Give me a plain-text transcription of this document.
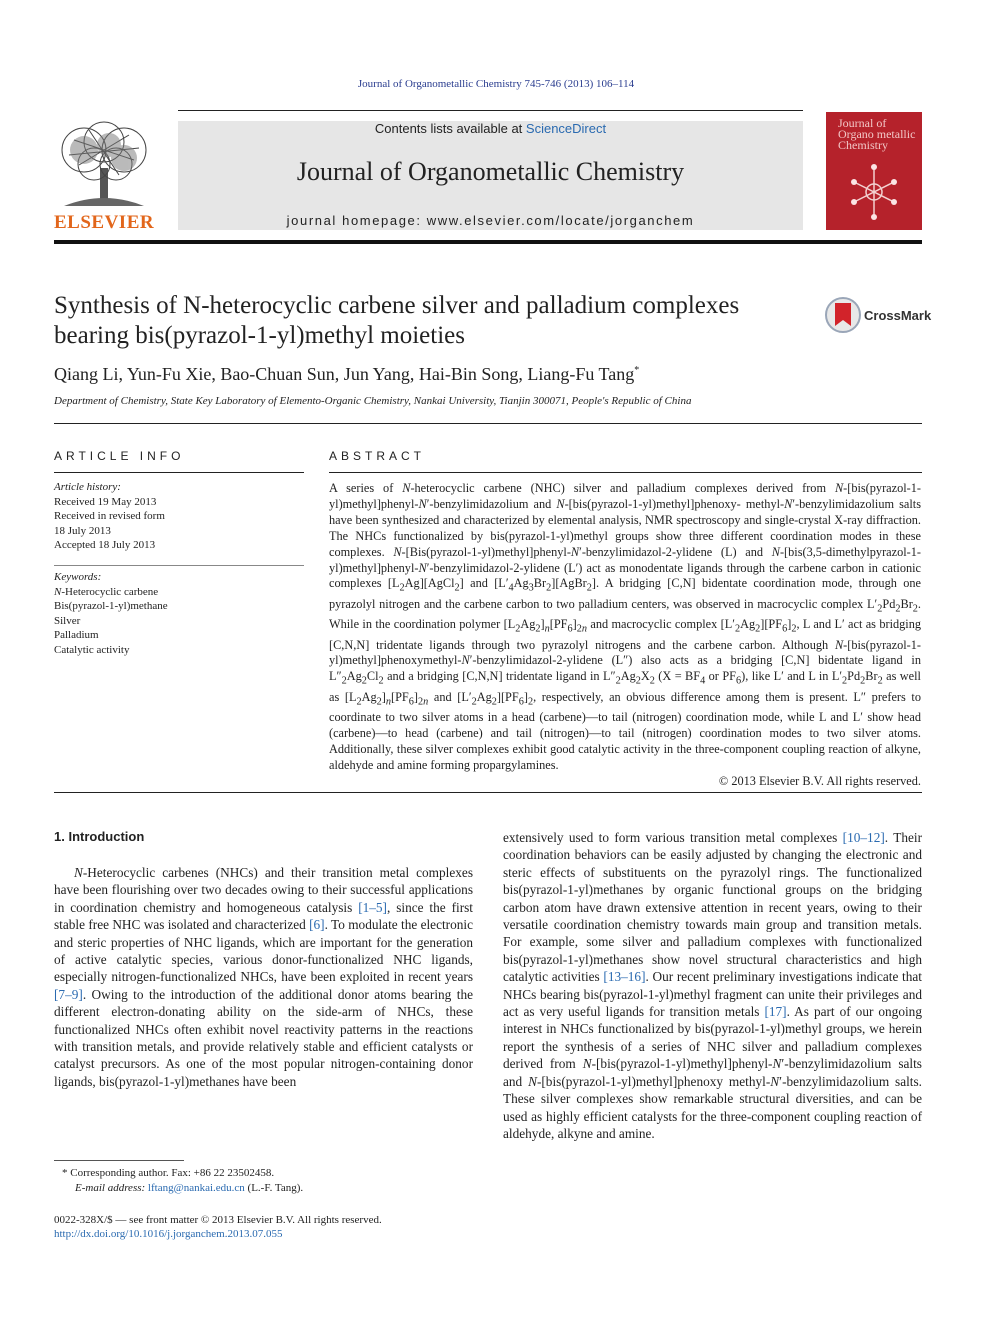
Journal of Organometallic Chemistry 745-746 (2013) 106–114
ELSEVIER
Contents lists available at ScienceDirect
Journal of Organometallic Chemistry
journal homepage: www.elsevier.com/locate/jorganchem
Journal of Organo metallic Chemistry
Synthesis of N-heterocyclic carbene silver and palladium complexes bearing bis(pyrazol-1-yl)methyl moieties
CrossMark
Qiang Li, Yun-Fu Xie, Bao-Chuan Sun, Jun Yang, Hai-Bin Song, Liang-Fu Tang*
Department of Chemistry, State Key Laboratory of Elemento-Organic Chemistry, Nankai University, Tianjin 300071, People's Republic of China
ARTICLE INFO
Article history:
Received 19 May 2013
Received in revised form
18 July 2013
Accepted 18 July 2013
Keywords:
N-Heterocyclic carbene
Bis(pyrazol-1-yl)methane
Silver
Palladium
Catalytic activity
ABSTRACT

A series of N-heterocyclic carbene (NHC) silver and palladium complexes derived from N-[bis(pyrazol-1-yl)methyl]phenyl-N′-benzylimidazolium and N-[bis(pyrazol-1-yl)methyl]phenoxy- methyl-N′-benzylimidazolium salts have been synthesized and characterized by elemental analysis, NMR spectroscopy and single-crystal X-ray diffraction. The NHCs functionalized by bis(pyrazol-1-yl)methyl groups show three different coordination modes in these complexes. N-[Bis(pyrazol-1-yl)methyl]phenyl-N′-benzylimidazol-2-ylidene (L) and N-[bis(3,5-dimethylpyrazol-1-yl)methyl]phenyl-N′-benzylimidazol-2-ylidene (L′) act as monodentate ligands through the carbene carbon in cationic complexes $[L_2Ag][AgCl_2]$ and $[L'_4Ag_3Br_2][AgBr_2]$. A bridging [C,N] bidentate coordination mode, through one pyrazolyl nitrogen and the carbene carbon to two palladium centers, was observed in macrocyclic complex $L'_2Pd_2Br_2$. While in the coordination polymer $[L_2Ag_2]_n[PF_6]_{2n}$ and macrocyclic complex $[L'_2Ag_2][PF_6]_2$, L and L′ act as bridging [C,N,N] tridentate ligands through two pyrazolyl nitrogens and the carbene carbon. Although N-[bis(pyrazol-1-yl)methyl]phenoxymethyl-N′-benzylimidazol-2-ylidene (L″) also acts as a bridging [C,N] bidentate ligand in $L''_2Ag_2Cl_2$ and a bridging [C,N,N] tridentate ligand in $L''_2Ag_2X_2$ ($X = BF_4$ or $PF_6$), like L′ and L in $L'_2Pd_2Br_2$ as well as $[L_2Ag_2]_n[PF_6]_{2n}$ and $[L'_2Ag_2][PF_6]_2$, respectively, an obvious difference among them is present. L″ prefers to coordinate to two silver atoms in a head (carbene)—to tail (nitrogen) coordination mode, while L and L′ show head (carbene)—to head (carbene) and tail (nitrogen)—to tail (nitrogen) coordination modes to two silver atoms. Additionally, these silver complexes exhibit good catalytic activity in the three-component coupling reaction of alkyne, aldehyde and amine forming propargylamines.

© 2013 Elsevier B.V. All rights reserved.

1. Introduction

N-Heterocyclic carbenes (NHCs) and their transition metal complexes have been flourishing over two decades owing to their successful applications in coordination chemistry and homogeneous catalysis [1–5], since the first stable free NHC was isolated and characterized [6]. To modulate the electronic and steric properties of NHC ligands, which are important for the generation of active catalytic species, various donor-functionalized NHC ligands, especially nitrogen-functionalized NHCs, have been exploited in recent years [7–9]. Owing to the introduction of the additional donor atoms bearing the different electron-donating ability on the side-arm of NHCs, these functionalized NHCs often exhibit novel reactivity patterns in the reactions with transition metals, and provide relatively stable and efficient catalysts or catalyst precursors. As one of the most popular nitrogen-containing donor ligands, bis(pyrazol-1-yl)methanes have been

extensively used to form various transition metal complexes [10–12]. Their coordination behaviors can be easily adjusted by changing the electronic and steric effects of substituents on the pyrazolyl rings. The functionalized bis(pyrazol-1-yl)methanes by organic functional groups on the bridging carbon atom have drawn extensive attention in recent years, owing to their versatile coordination chemistry towards main group and transition metals. For example, some silver and palladium complexes with functionalized bis(pyrazol-1-yl)methanes show novel structural characteristics and high catalytic activities [13–16]. Our recent preliminary investigations indicate that NHCs bearing bis(pyrazol-1-yl)methyl fragment can unite their privileges and act as very useful ligands for transition metals [17]. As part of our ongoing interest in NHCs functionalized by bis(pyrazol-1-yl)methyl groups, we herein report the synthesis of a series of NHC silver and palladium complexes derived from N-[bis(pyrazol-1-yl)methyl]phenyl-N′-benzylimidazolium salts and N-[bis(pyrazol-1-yl)methyl]phenoxy methyl-N′-benzylimidazolium salts. These silver complexes show remarkable structural diversities, and can be used as highly efficient catalysts for the three-component coupling reaction of aldehyde, alkyne and amine.

* Corresponding author. Fax: +86 22 23502458.
E-mail address: lftang@nankai.edu.cn (L.-F. Tang).
0022-328X/$ — see front matter © 2013 Elsevier B.V. All rights reserved.
http://dx.doi.org/10.1016/j.jorganchem.2013.07.055
